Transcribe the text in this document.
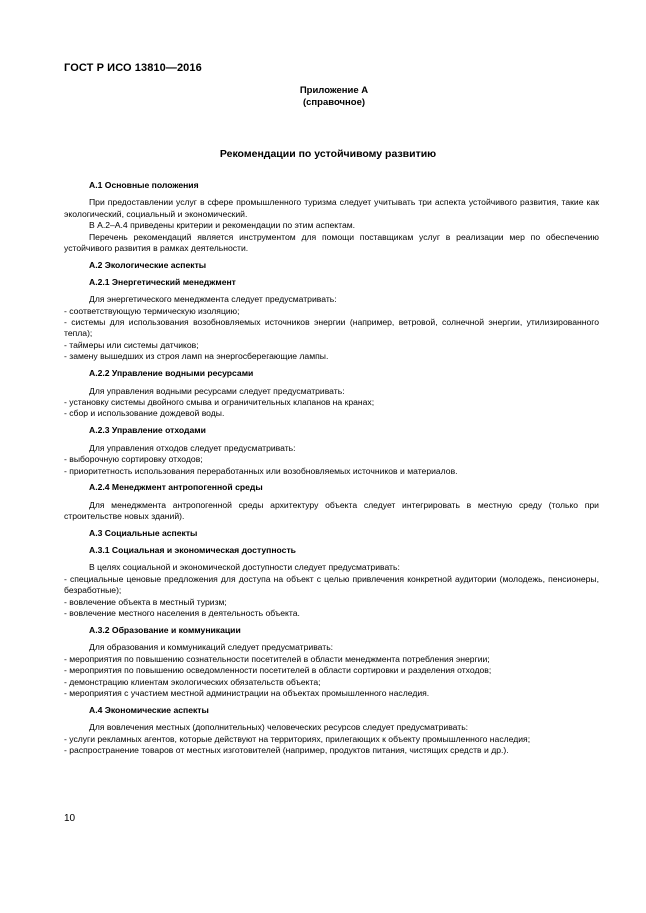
ГОСТ Р ИСО 13810—2016
Приложение А
(справочное)
Рекомендации по устойчивому развитию
А.1 Основные положения

При предоставлении услуг в сфере промышленного туризма следует учитывать три аспекта устойчивого развития, такие как экологический, социальный и экономический.

В А.2–А.4 приведены критерии и рекомендации по этим аспектам.

Перечень рекомендаций является инструментом для помощи поставщикам услуг в реализации мер по обеспечению устойчивого развития в рамках деятельности.

А.2 Экологические аспекты
А.2.1 Энергетический менеджмент

Для энергетического менеджмента следует предусматривать:

- соответствующую термическую изоляцию;

- системы для использования возобновляемых источников энергии (например, ветровой, солнечной энергии, утилизированного тепла);

- таймеры или системы датчиков;

- замену вышедших из строя ламп на энергосберегающие лампы.

А.2.2 Управление водными ресурсами

Для управления водными ресурсами следует предусматривать:

- установку системы двойного смыва и ограничительных клапанов на кранах;

- сбор и использование дождевой воды.

А.2.3 Управление отходами

Для управления отходов следует предусматривать:

- выборочную сортировку отходов;

- приоритетность использования переработанных или возобновляемых источников и материалов.

А.2.4 Менеджмент антропогенной среды

Для менеджмента антропогенной среды архитектуру объекта следует интегрировать в местную среду (только при строительстве новых зданий).

А.3 Социальные аспекты
А.3.1 Социальная и экономическая доступность

В целях социальной и экономической доступности следует предусматривать:

- специальные ценовые предложения для доступа на объект с целью привлечения конкретной аудитории (молодежь, пенсионеры, безработные);

- вовлечение объекта в местный туризм;

- вовлечение местного населения в деятельность объекта.

А.3.2 Образование и коммуникации

Для образования и коммуникаций следует предусматривать:

- мероприятия по повышению сознательности посетителей в области менеджмента потребления энергии;

- мероприятия по повышению осведомленности посетителей в области сортировки и разделения отходов;

- демонстрацию клиентам экологических обязательств объекта;

- мероприятия с участием местной администрации на объектах промышленного наследия.

А.4 Экономические аспекты

Для вовлечения местных (дополнительных) человеческих ресурсов следует предусматривать:

- услуги рекламных агентов, которые действуют на территориях, прилегающих к объекту промышленного наследия;

- распространение товаров от местных изготовителей (например, продуктов питания, чистящих средств и др.).

10
